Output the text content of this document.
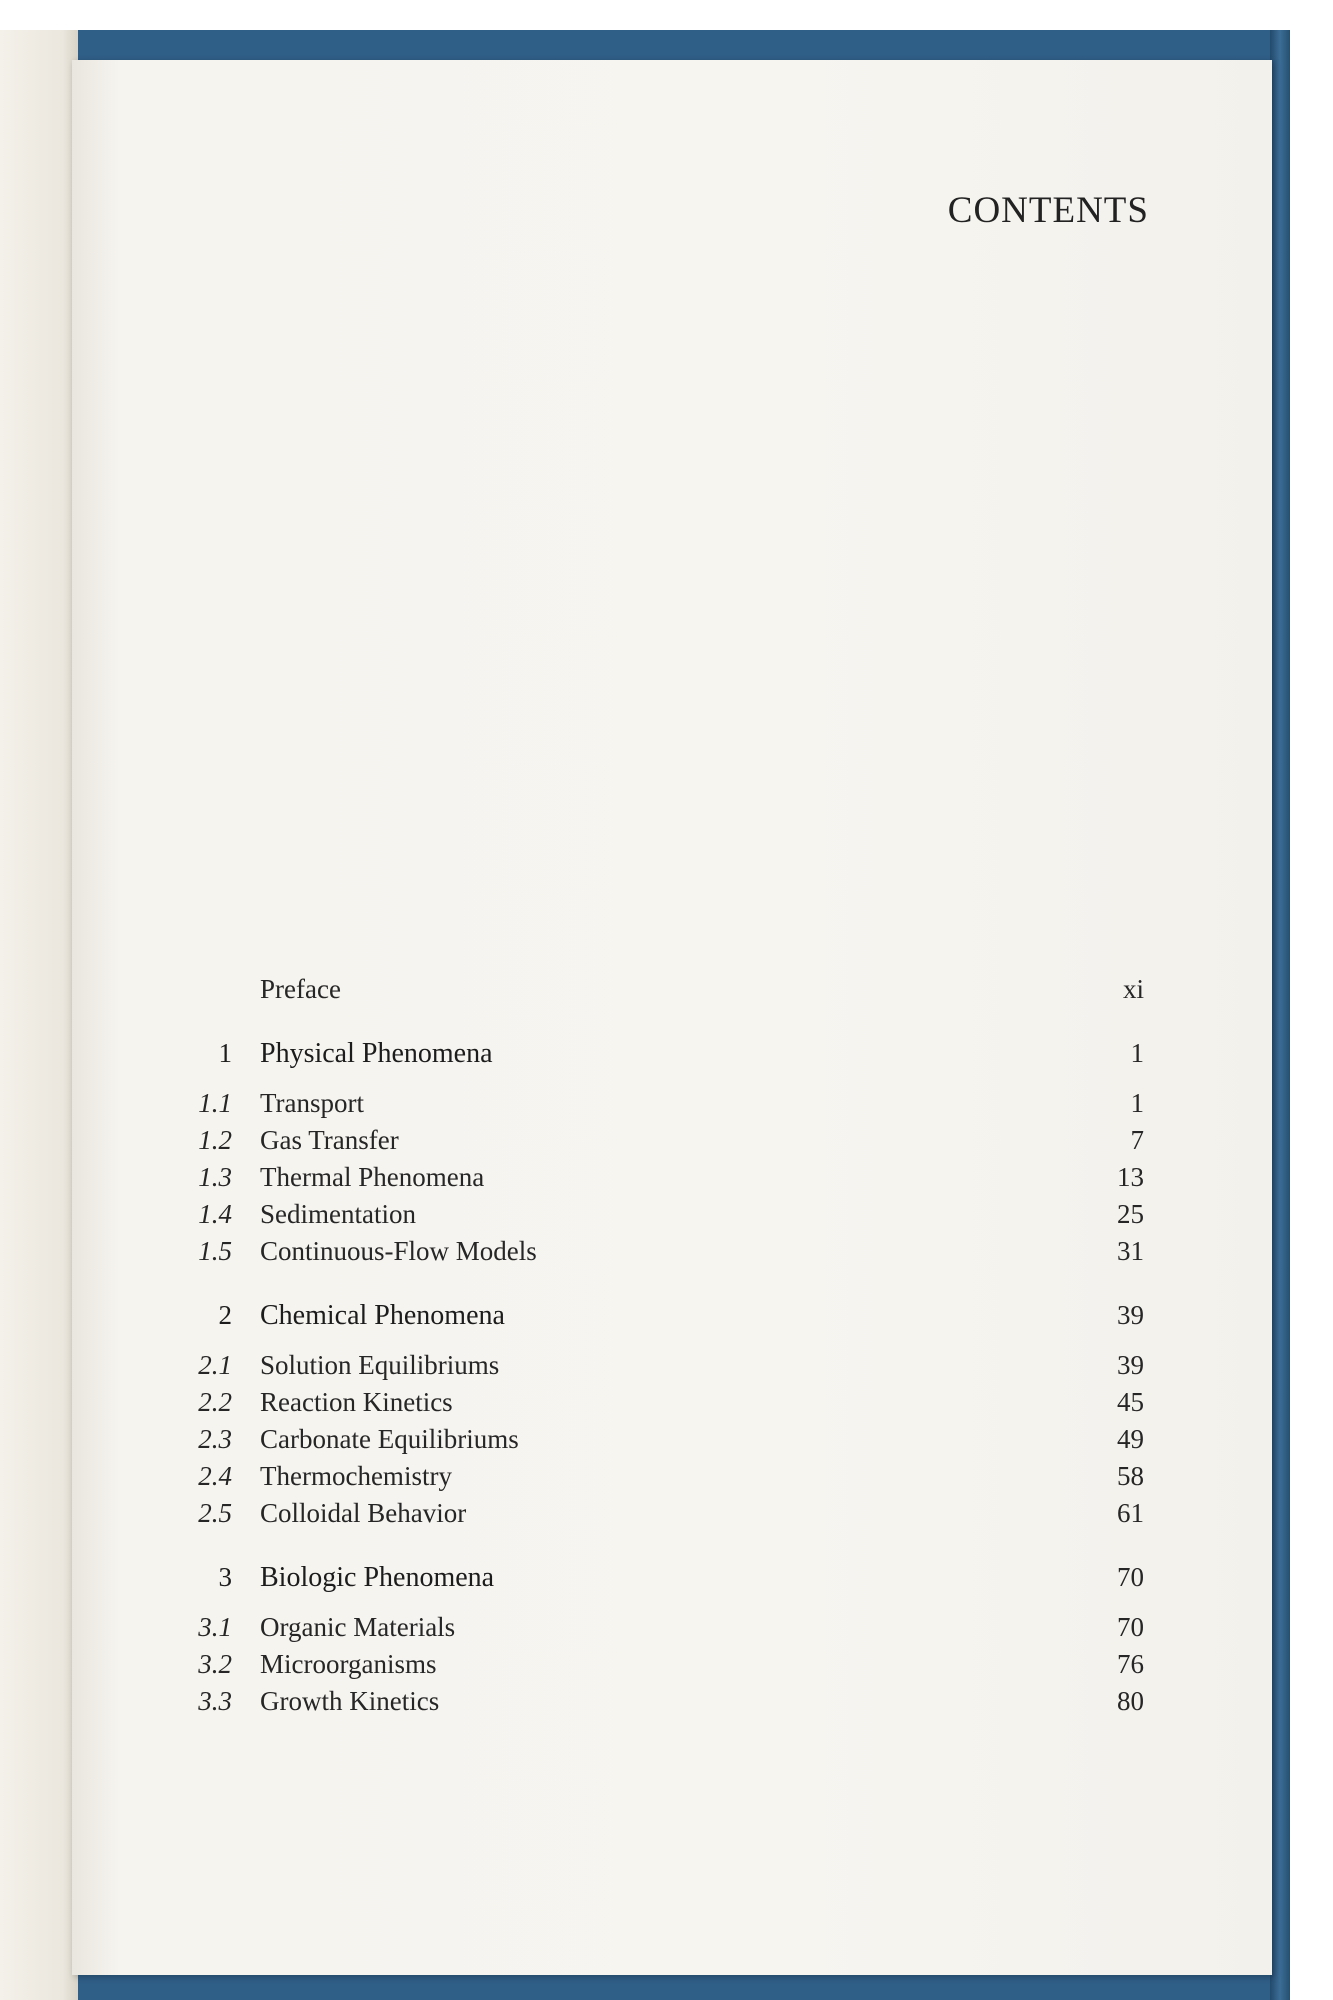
CONTENTS
Preface	xi
1 Physical Phenomena	1
1.1 Transport	1
1.2 Gas Transfer	7
1.3 Thermal Phenomena	13
1.4 Sedimentation	25
1.5 Continuous-Flow Models	31
2 Chemical Phenomena	39
2.1 Solution Equilibriums	39
2.2 Reaction Kinetics	45
2.3 Carbonate Equilibriums	49
2.4 Thermochemistry	58
2.5 Colloidal Behavior	61
3 Biologic Phenomena	70
3.1 Organic Materials	70
3.2 Microorganisms	76
3.3 Growth Kinetics	80
